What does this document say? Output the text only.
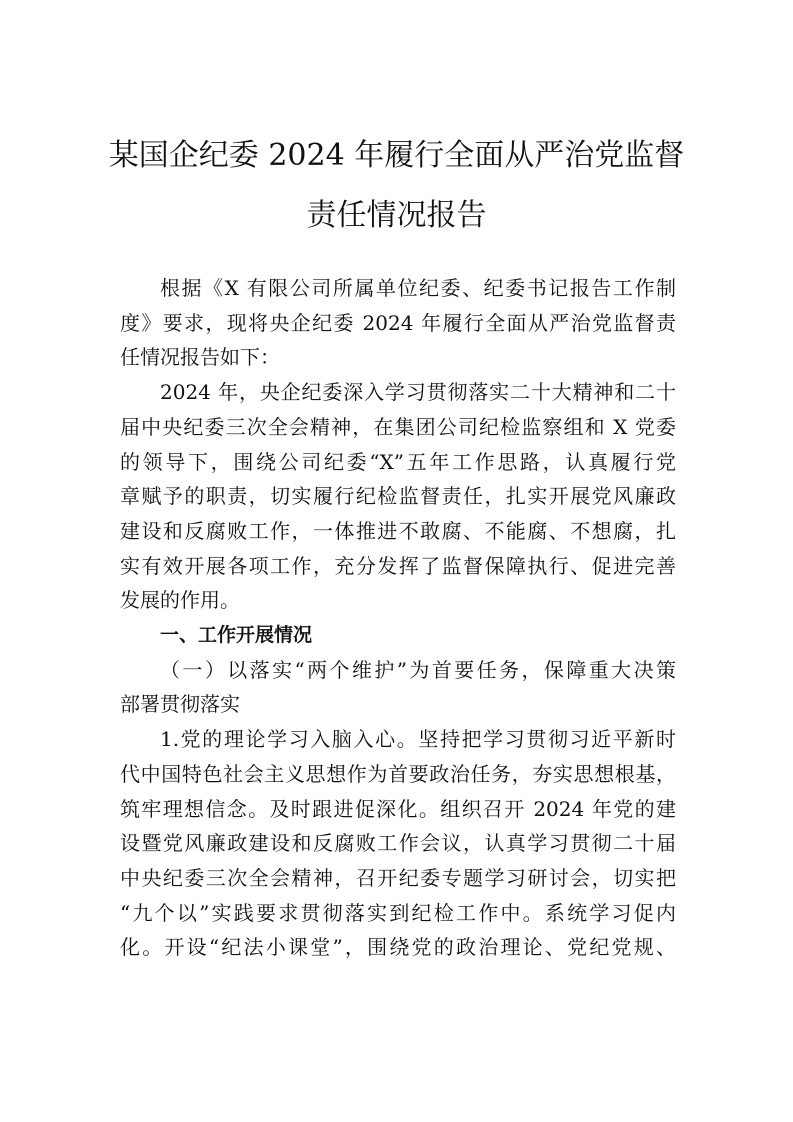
某国企纪委 2024 年履行全面从严治党监督
责任情况报告
根据《X 有限公司所属单位纪委、纪委书记报告工作制
度》要求，现将央企纪委 2024 年履行全面从严治党监督责
任情况报告如下：
2024 年，央企纪委深入学习贯彻落实二十大精神和二十
届中央纪委三次全会精神，在集团公司纪检监察组和 X 党委
的领导下，围绕公司纪委“X”五年工作思路，认真履行党
章赋予的职责，切实履行纪检监督责任，扎实开展党风廉政
建设和反腐败工作，一体推进不敢腐、不能腐、不想腐，扎
实有效开展各项工作，充分发挥了监督保障执行、促进完善
发展的作用。
一、工作开展情况
（一）以落实“两个维护”为首要任务，保障重大决策
部署贯彻落实
1.党的理论学习入脑入心。坚持把学习贯彻习近平新时
代中国特色社会主义思想作为首要政治任务，夯实思想根基，
筑牢理想信念。及时跟进促深化。组织召开 2024 年党的建
设暨党风廉政建设和反腐败工作会议，认真学习贯彻二十届
中央纪委三次全会精神，召开纪委专题学习研讨会，切实把
“九个以”实践要求贯彻落实到纪检工作中。系统学习促内
化。开设“纪法小课堂”，围绕党的政治理论、党纪党规、
